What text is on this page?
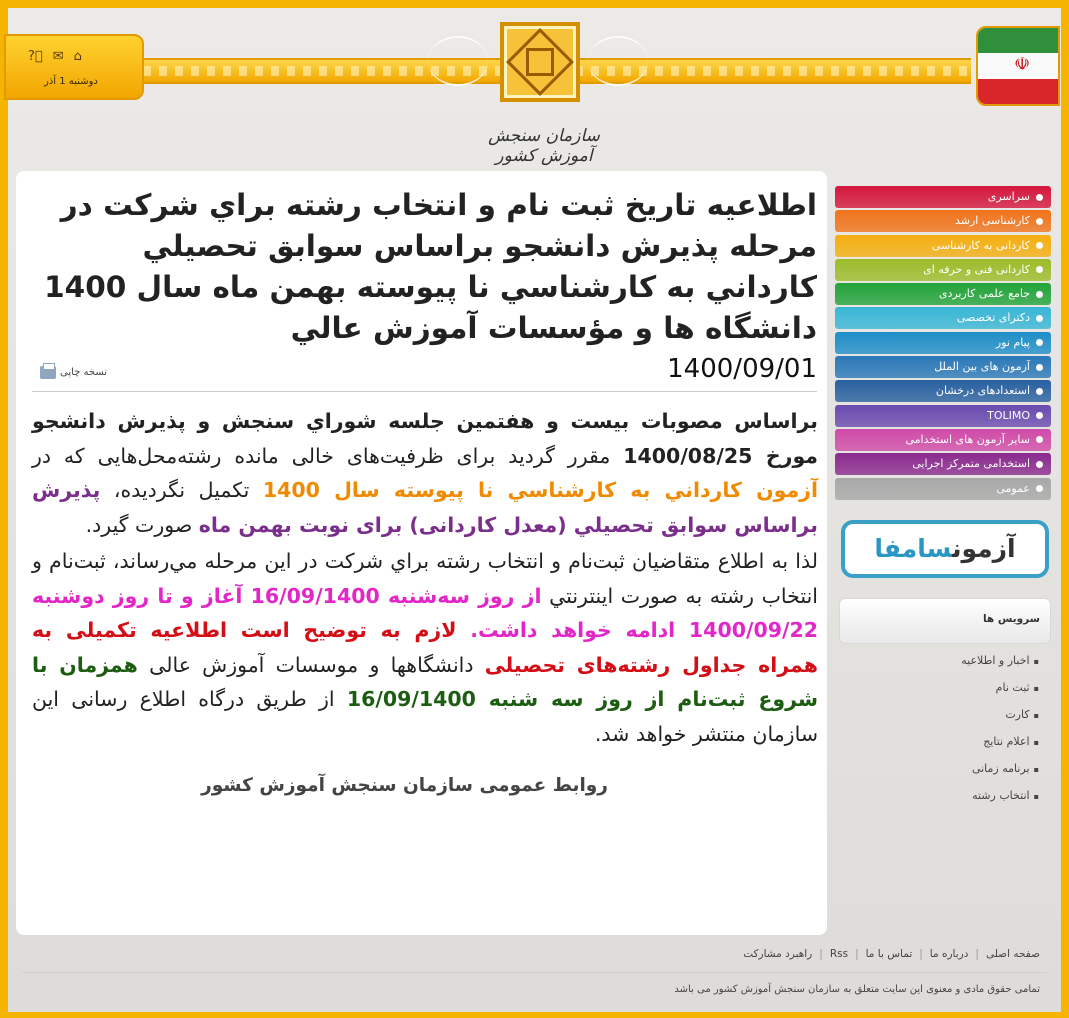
?⃞ ✉ ⌂
دوشنبه 1 آذر
سازمان سنجش آموزش کشور
☫
اطلاعيه تاريخ ثبت نام و انتخاب رشته براي شركت در مرحله پذيرش دانشجو براساس سوابق تحصيلي كارداني به كارشناسي نا پيوسته بهمن ماه سال 1400 دانشگاه ها و مؤسسات آموزش عالي
1400/09/01
نسخه چاپی

براساس مصوبات بیست و هفتمین جلسه شوراي سنجش و پذيرش دانشجو مورخ 1400/08/25 مقرر گرديد برای ظرفیت‌های خالی مانده رشته‌محل‌هایی که در آزمون كارداني به كارشناسي نا پيوسته سال 1400 تکمیل نگرديده، پذيرش براساس سوابق تحصيلي (معدل کاردانی) برای نوبت بهمن ماه صورت گيرد.

لذا به اطلاع متقاضيان ثبت‌نام و انتخاب رشته براي شركت در اين مرحله مي‌رساند، ثبت‌نام و انتخاب رشته به صورت اينترنتي از روز سه‌شنبه 16/09/1400 آغاز و تا روز دوشنبه 1400/09/22 ادامه خواهد داشت. لازم به توضيح است اطلاعيه تكميلی به همراه جداول رشته‌های تحصیلی دانشگاهها و موسسات آموزش عالی همزمان با شروع ثبت‌نام از روز سه شنبه 16/09/1400 از طريق درگاه اطلاع رسانی اين سازمان منتشر خواهد شد.

روابط عمومی سازمان سنجش آموزش كشور
سراسری
کارشناسی ارشد
کاردانی به کارشناسی
کاردانی فنی و حرفه ای
جامع علمی کاربردی
دکترای تخصصی
پیام نور
آزمون های بین الملل
استعدادهای درخشان
TOLIMO
سایر آزمون های استخدامی
استخدامی متمرکز اجرایی
عمومی
آزمونسامفا
سرویس ها
▪ اخبار و اطلاعیه
▪ ثبت نام
▪ کارت
▪ اعلام نتایج
▪ برنامه زمانی
▪ انتخاب رشته
صفحه اصلی
|
درباره ما
|
تماس با ما
|
Rss
|
راهبرد مشارکت
تمامی حقوق مادی و معنوی این سایت متعلق به سازمان سنجش آموزش کشور می باشد
